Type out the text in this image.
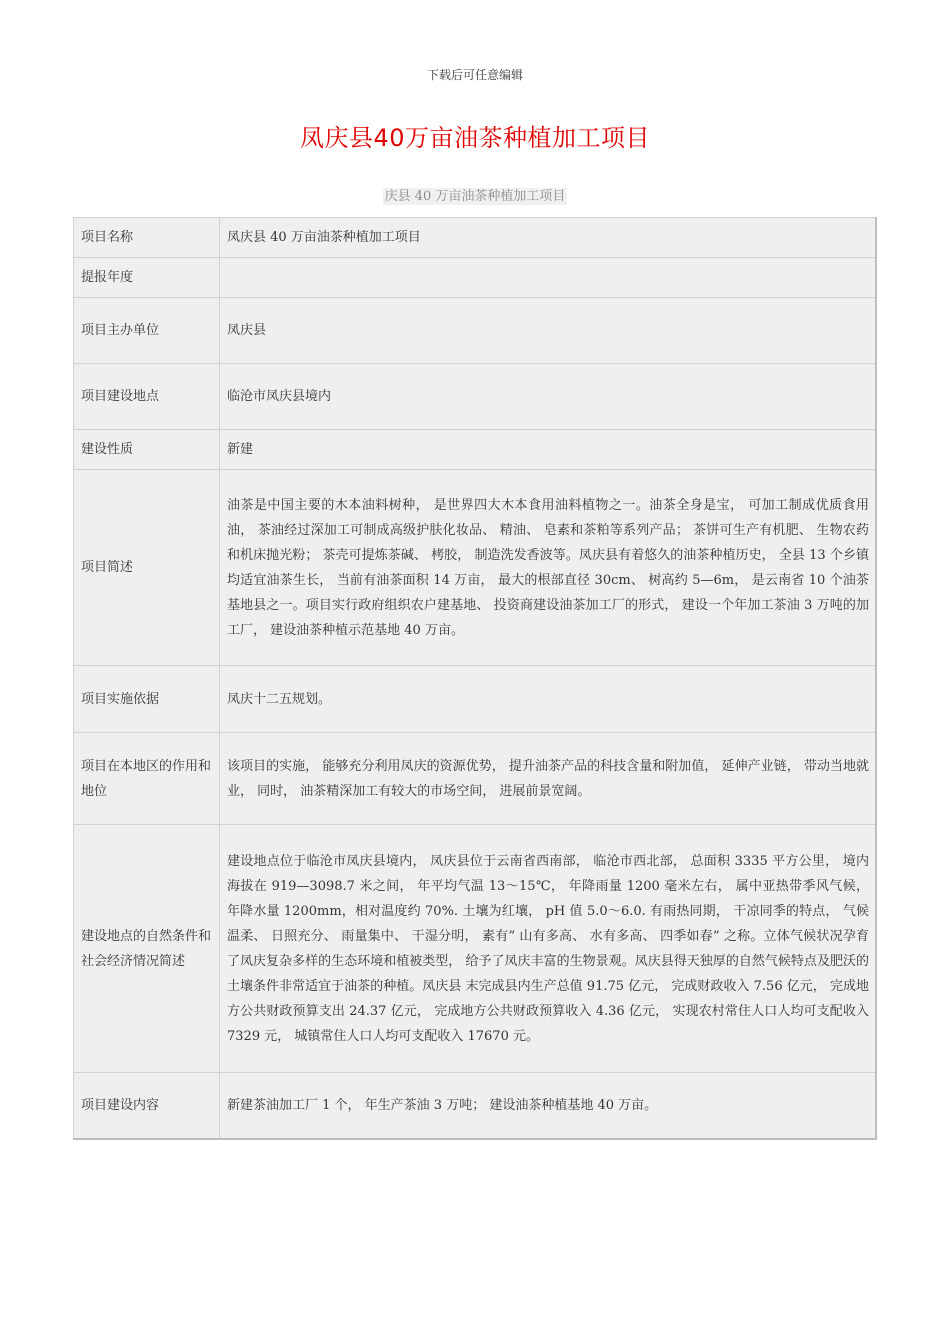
下载后可任意编辑
凤庆县40万亩油茶种植加工项目
庆县 40 万亩油茶种植加工项目
项目名称	凤庆县 40 万亩油茶种植加工项目
提报年度	
项目主办单位	凤庆县
项目建设地点	临沧市凤庆县境内
建设性质	新建
项目简述	油茶是中国主要的木本油料树种， 是世界四大木本食用油料植物之一。油茶全身是宝， 可加工制成优质食用油， 茶油经过深加工可制成高级护肤化妆品、 精油、 皂素和茶粕等系列产品； 茶饼可生产有机肥、 生物农药和机床抛光粉； 茶壳可提炼茶碱、 栲胶， 制造洗发香波等。凤庆县有着悠久的油茶种植历史， 全县 13 个乡镇均适宜油茶生长， 当前有油茶面积 14 万亩， 最大的根部直径 30cm、 树高约 5—6m， 是云南省 10 个油茶基地县之一。项目实行政府组织农户建基地、 投资商建设油茶加工厂的形式， 建设一个年加工茶油 3 万吨的加工厂， 建设油茶种植示范基地 40 万亩。
项目实施依据	凤庆十二五规划。
项目在本地区的作用和地位	该项目的实施， 能够充分利用凤庆的资源优势， 提升油茶产品的科技含量和附加值， 延伸产业链， 带动当地就业， 同时， 油茶精深加工有较大的市场空间， 进展前景宽阔。
建设地点的自然条件和社会经济情况简述	建设地点位于临沧市凤庆县境内， 凤庆县位于云南省西南部， 临沧市西北部， 总面积 3335 平方公里， 境内海拔在 919—3098.7 米之间， 年平均气温 13～15℃， 年降雨量 1200 毫米左右， 属中亚热带季风气候， 年降水量 1200mm，相对温度约 70%. 土壤为红壤， pH 值 5.0～6.0. 有雨热同期， 干凉同季的特点， 气候温柔、 日照充分、 雨量集中、 干湿分明， 素有” 山有多高、 水有多高、 四季如春” 之称。立体气候状况孕育了凤庆复杂多样的生态环境和植被类型， 给予了凤庆丰富的生物景观。凤庆县得天独厚的自然气候特点及肥沃的土壤条件非常适宜于油茶的种植。凤庆县 末完成县内生产总值 91.75 亿元， 完成财政收入 7.56 亿元， 完成地方公共财政预算支出 24.37 亿元， 完成地方公共财政预算收入 4.36 亿元， 实现农村常住人口人均可支配收入 7329 元， 城镇常住人口人均可支配收入 17670 元。
项目建设内容	新建茶油加工厂 1 个， 年生产茶油 3 万吨； 建设油茶种植基地 40 万亩。
